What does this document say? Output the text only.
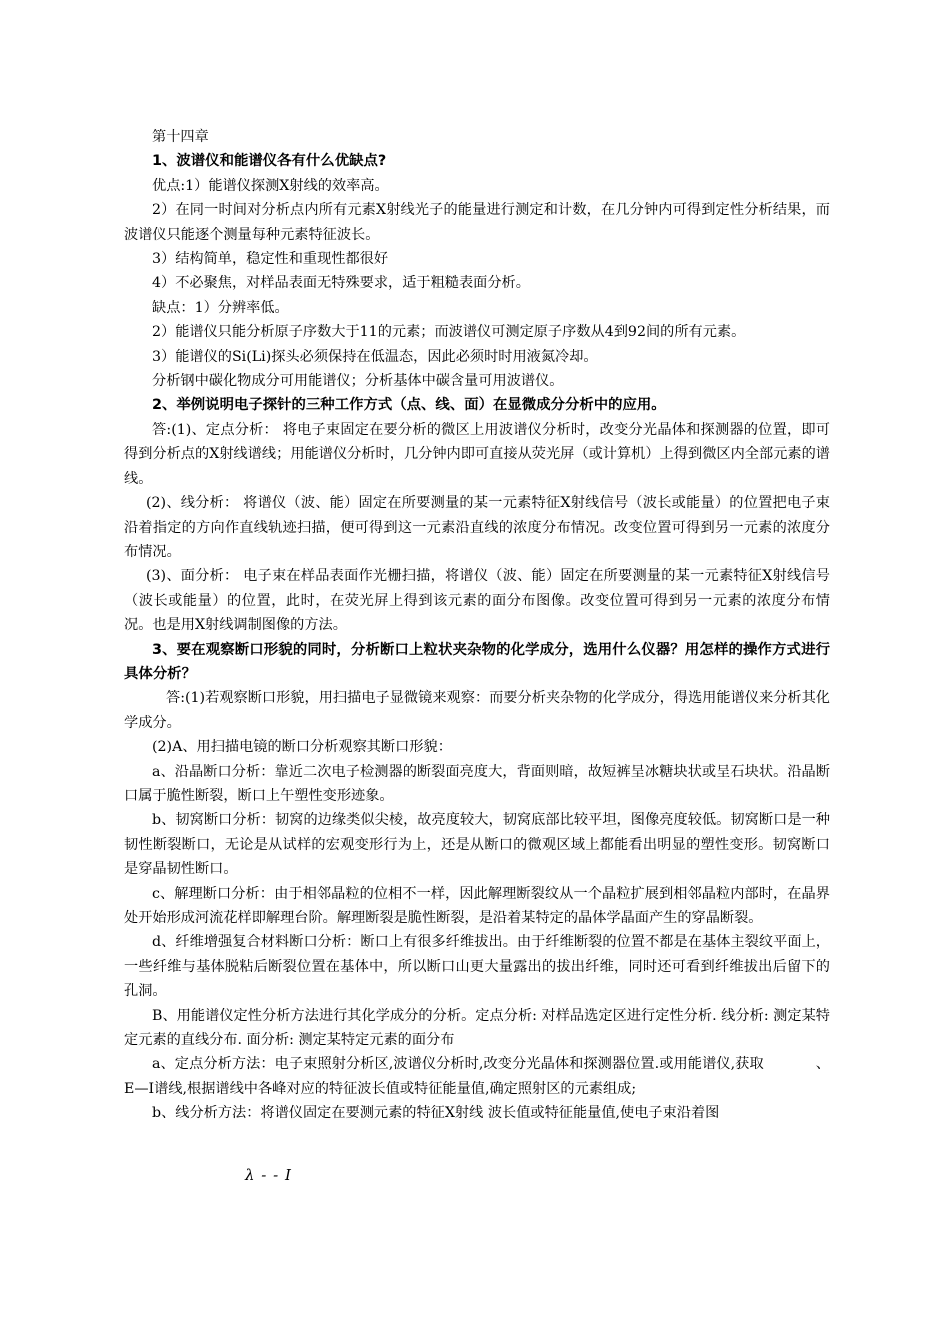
第十四章

1、波谱仪和能谱仪各有什么优缺点?

优点:1）能谱仪探测X射线的效率高。

2）在同一时间对分析点内所有元素X射线光子的能量进行测定和计数，在几分钟内可得到定性分析结果，而波谱仪只能逐个测量每种元素特征波长。

3）结构简单，稳定性和重现性都很好

4）不必聚焦，对样品表面无特殊要求，适于粗糙表面分析。

缺点：1）分辨率低。

2）能谱仪只能分析原子序数大于11的元素；而波谱仪可测定原子序数从4到92间的所有元素。

3）能谱仪的Si(Li)探头必须保持在低温态，因此必须时时用液氮冷却。

分析钢中碳化物成分可用能谱仪；分析基体中碳含量可用波谱仪。

2、举例说明电子探针的三种工作方式（点、线、面）在显微成分分析中的应用。

答:(1)、定点分析： 将电子束固定在要分析的微区上用波谱仪分析时，改变分光晶体和探测器的位置，即可得到分析点的X射线谱线；用能谱仪分析时，几分钟内即可直接从荧光屏（或计算机）上得到微区内全部元素的谱线。

(2)、线分析： 将谱仪（波、能）固定在所要测量的某一元素特征X射线信号（波长或能量）的位置把电子束沿着指定的方向作直线轨迹扫描，便可得到这一元素沿直线的浓度分布情况。改变位置可得到另一元素的浓度分布情况。

(3)、面分析： 电子束在样品表面作光栅扫描，将谱仪（波、能）固定在所要测量的某一元素特征X射线信号（波长或能量）的位置，此时，在荧光屏上得到该元素的面分布图像。改变位置可得到另一元素的浓度分布情况。也是用X射线调制图像的方法。

3、要在观察断口形貌的同时，分析断口上粒状夹杂物的化学成分，选用什么仪器？用怎样的操作方式进行具体分析？

答:(1)若观察断口形貌，用扫描电子显微镜来观察：而要分析夹杂物的化学成分，得选用能谱仪来分析其化学成分。

(2)A、用扫描电镜的断口分析观察其断口形貌：

a、沿晶断口分析：靠近二次电子检测器的断裂面亮度大，背面则暗，故短裤呈冰糖块状或呈石块状。沿晶断口属于脆性断裂，断口上午塑性变形迹象。

b、韧窝断口分析：韧窝的边缘类似尖棱，故亮度较大，韧窝底部比较平坦，图像亮度较低。韧窝断口是一种韧性断裂断口，无论是从试样的宏观变形行为上，还是从断口的微观区域上都能看出明显的塑性变形。韧窝断口是穿晶韧性断口。

c、解理断口分析：由于相邻晶粒的位相不一样，因此解理断裂纹从一个晶粒扩展到相邻晶粒内部时，在晶界处开始形成河流花样即解理台阶。解理断裂是脆性断裂，是沿着某特定的晶体学晶面产生的穿晶断裂。

d、纤维增强复合材料断口分析：断口上有很多纤维拔出。由于纤维断裂的位置不都是在基体主裂纹平面上，一些纤维与基体脱粘后断裂位置在基体中，所以断口山更大量露出的拔出纤维，同时还可看到纤维拔出后留下的孔洞。

B、用能谱仪定性分析方法进行其化学成分的分析。定点分析: 对样品选定区进行定性分析. 线分析: 测定某特定元素的直线分布. 面分析: 测定某特定元素的面分布

a、定点分析方法：电子束照射分析区,波谱仪分析时,改变分光晶体和探测器位置.或用能谱仪,获取	、E—I谱线,根据谱线中各峰对应的特征波长值或特征能量值,确定照射区的元素组成;

b、线分析方法：将谱仪固定在要测元素的特征X射线 波长值或特征能量值,使电子束沿着图

λ - - I
